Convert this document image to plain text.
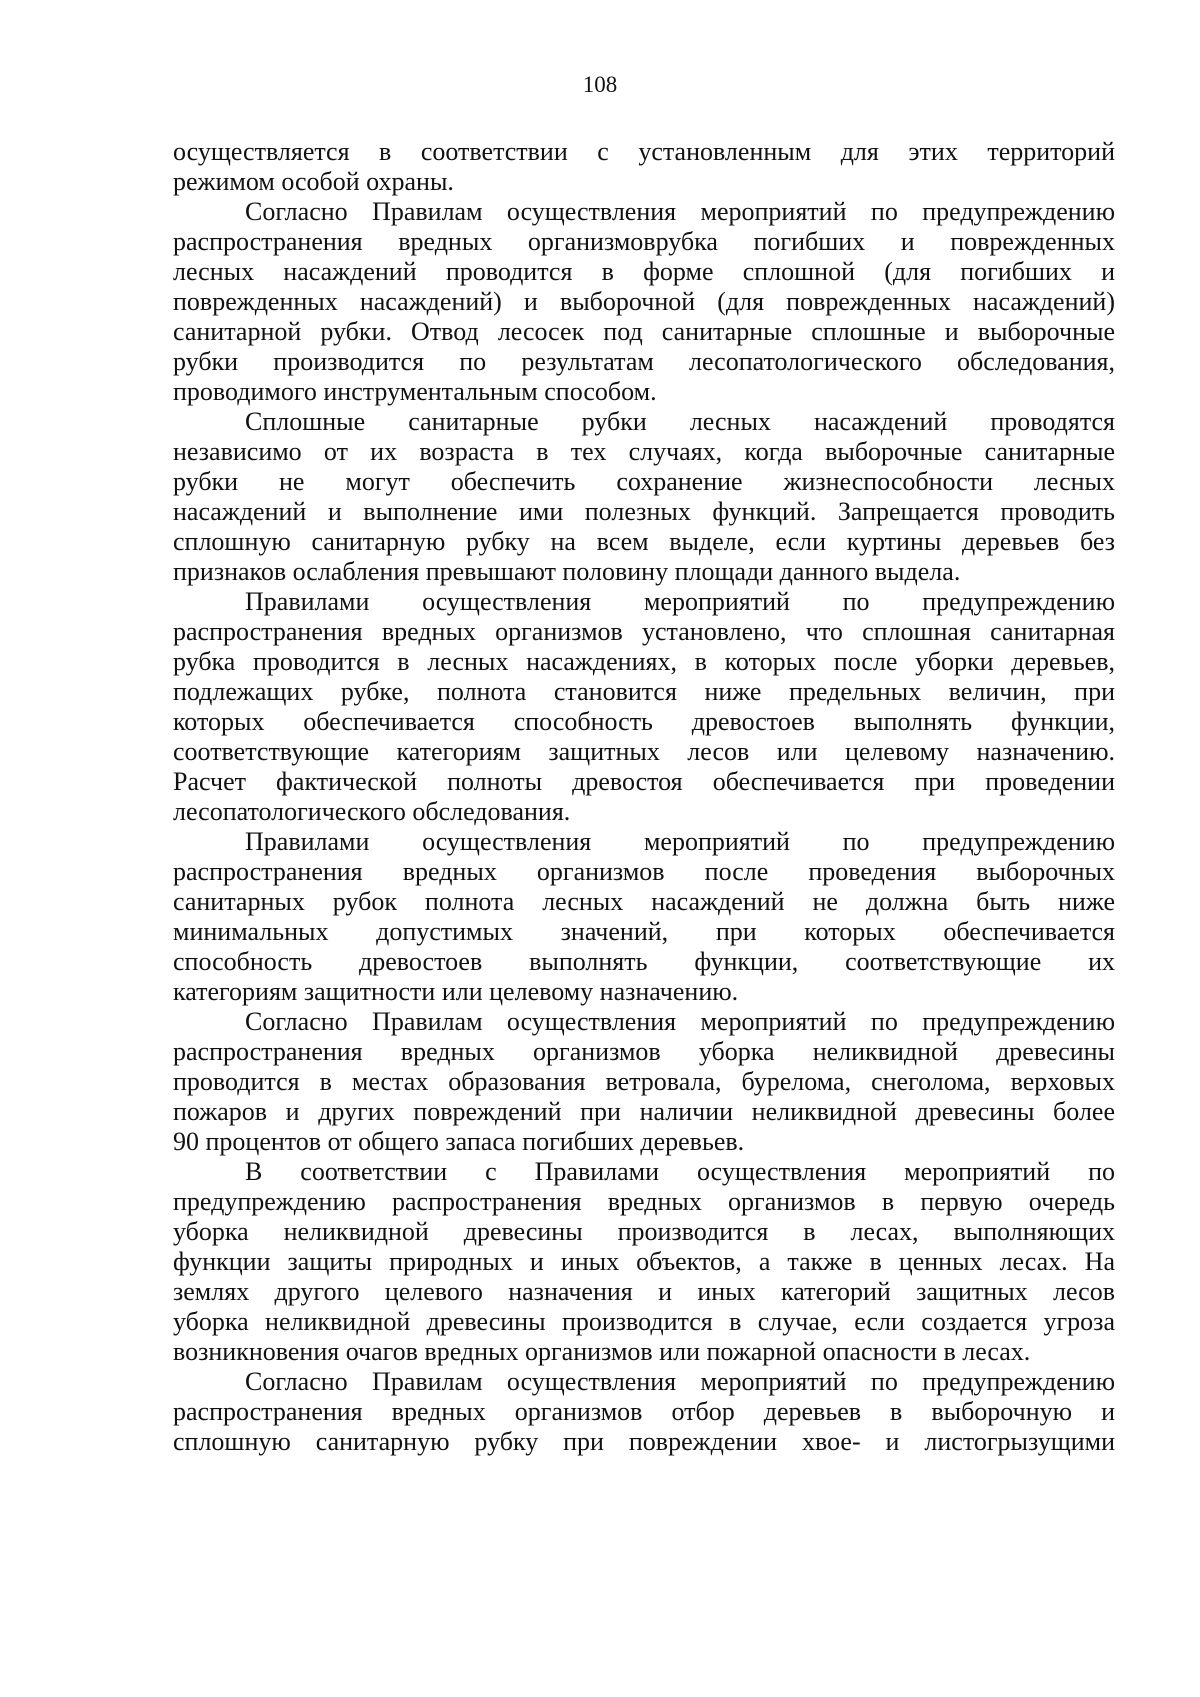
108
осуществляется в соответствии с установленным для этих территорий
режимом особой охраны.
Согласно Правилам осуществления мероприятий по предупреждению
распространения вредных организмоврубка погибших и поврежденных
лесных насаждений проводится в форме сплошной (для погибших и
поврежденных насаждений) и выборочной (для поврежденных насаждений)
санитарной рубки. Отвод лесосек под санитарные сплошные и выборочные
рубки производится по результатам лесопатологического обследования,
проводимого инструментальным способом.
Сплошные санитарные рубки лесных насаждений проводятся
независимо от их возраста в тех случаях, когда выборочные санитарные
рубки не могут обеспечить сохранение жизнеспособности лесных
насаждений и выполнение ими полезных функций. Запрещается проводить
сплошную санитарную рубку на всем выделе, если куртины деревьев без
признаков ослабления превышают половину площади данного выдела.
Правилами осуществления мероприятий по предупреждению
распространения вредных организмов установлено, что сплошная санитарная
рубка проводится в лесных насаждениях, в которых после уборки деревьев,
подлежащих рубке, полнота становится ниже предельных величин, при
которых обеспечивается способность древостоев выполнять функции,
соответствующие категориям защитных лесов или целевому назначению.
Расчет фактической полноты древостоя обеспечивается при проведении
лесопатологического обследования.
Правилами осуществления мероприятий по предупреждению
распространения вредных организмов после проведения выборочных
санитарных рубок полнота лесных насаждений не должна быть ниже
минимальных допустимых значений, при которых обеспечивается
способность древостоев выполнять функции, соответствующие их
категориям защитности или целевому назначению.
Согласно Правилам осуществления мероприятий по предупреждению
распространения вредных организмов уборка неликвидной древесины
проводится в местах образования ветровала, бурелома, снеголома, верховых
пожаров и других повреждений при наличии неликвидной древесины более
90 процентов от общего запаса погибших деревьев.
В соответствии с Правилами осуществления мероприятий по
предупреждению распространения вредных организмов в первую очередь
уборка неликвидной древесины производится в лесах, выполняющих
функции защиты природных и иных объектов, а также в ценных лесах. На
землях другого целевого назначения и иных категорий защитных лесов
уборка неликвидной древесины производится в случае, если создается угроза
возникновения очагов вредных организмов или пожарной опасности в лесах.
Согласно Правилам осуществления мероприятий по предупреждению
распространения вредных организмов отбор деревьев в выборочную и
сплошную санитарную рубку при повреждении хвое- и листогрызущими
